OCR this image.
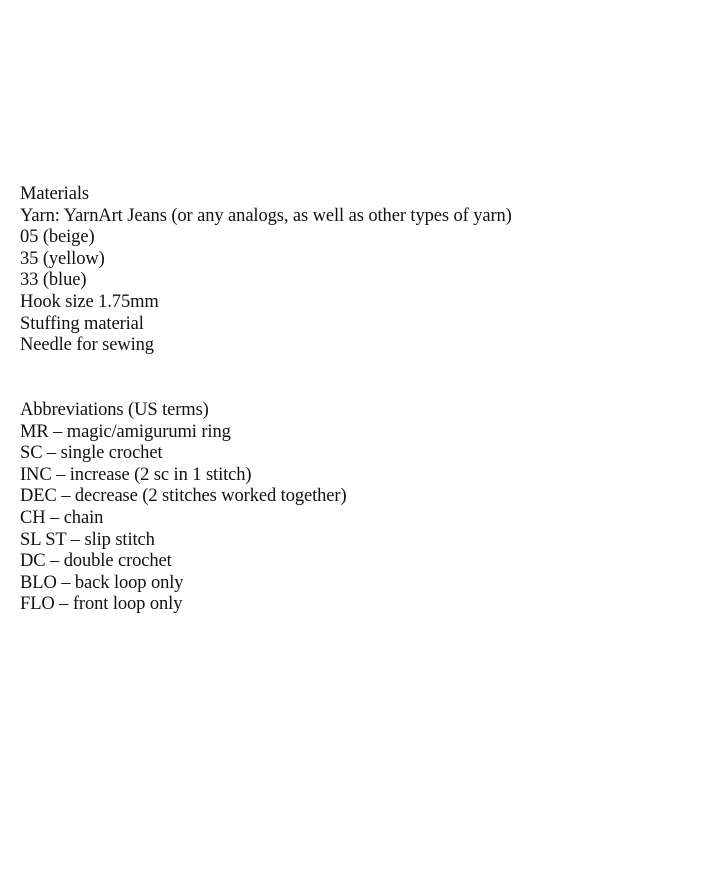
Materials
Yarn: YarnArt Jeans (or any analogs, as well as other types of yarn)
05 (beige)
35 (yellow)
33 (blue)
Hook size 1.75mm
Stuffing material
Needle for sewing
Abbreviations (US terms)
MR – magic/amigurumi ring
SC – single crochet
INC – increase (2 sc in 1 stitch)
DEC – decrease (2 stitches worked together)
CH – chain
SL ST – slip stitch
DC – double crochet
BLO – back loop only
FLO – front loop only
